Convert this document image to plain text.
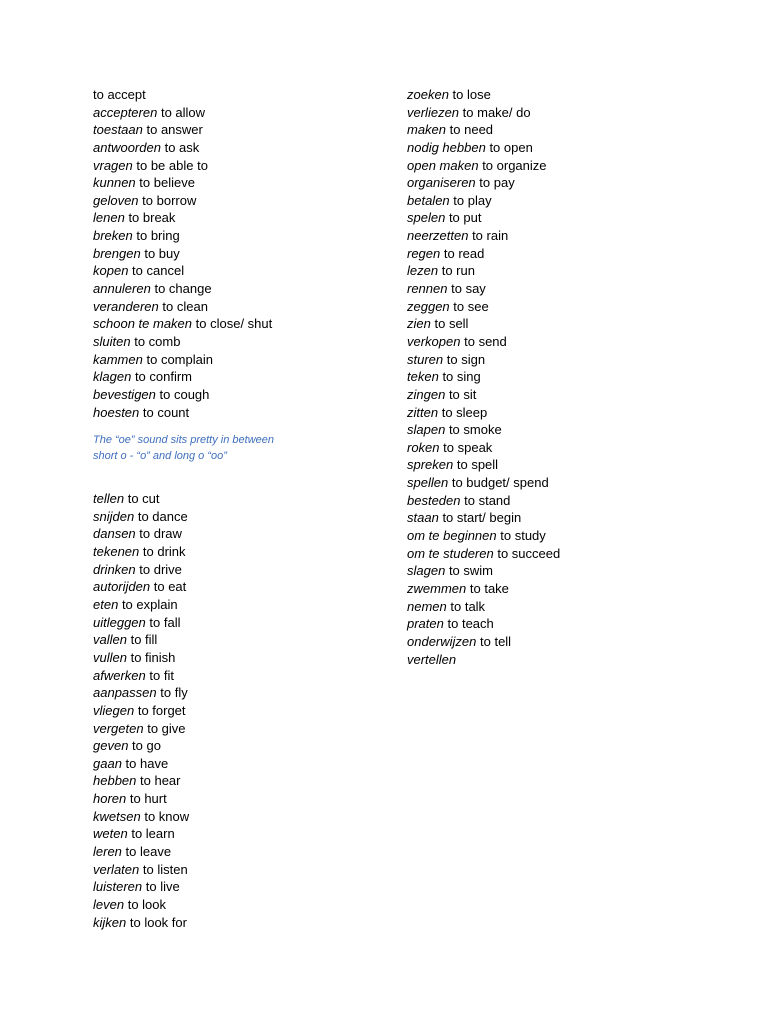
to accept
accepteren to allow
toestaan to answer
antwoorden to ask
vragen to be able to
kunnen to believe
geloven to borrow
lenen to break
breken to bring
brengen to buy
kopen to cancel
annuleren to change
veranderen to clean
schoon te maken to close/ shut
sluiten to comb
kammen to complain
klagen to confirm
bevestigen to cough
hoesten to count
The “oe” sound sits pretty in between
short o - “o” and long o “oo”
tellen to cut
snijden to dance
dansen to draw
tekenen to drink
drinken to drive
autorijden to eat
eten to explain
uitleggen to fall
vallen to fill
vullen to finish
afwerken to fit
aanpassen to fly
vliegen to forget
vergeten to give
geven to go
gaan to have
hebben to hear
horen to hurt
kwetsen to know
weten to learn
leren to leave
verlaten to listen
luisteren to live
leven to look
kijken to look for
zoeken to lose
verliezen to make/ do
maken to need
nodig hebben to open
open maken to organize
organiseren to pay
betalen to play
spelen to put
neerzetten to rain
regen to read
lezen to run
rennen to say
zeggen to see
zien to sell
verkopen to send
sturen to sign
teken to sing
zingen to sit
zitten to sleep
slapen to smoke
roken to speak
spreken to spell
spellen to budget/ spend
besteden to stand
staan to start/ begin
om te beginnen to study
om te studeren to succeed
slagen to swim
zwemmen to take
nemen to talk
praten to teach
onderwijzen to tell
vertellen
